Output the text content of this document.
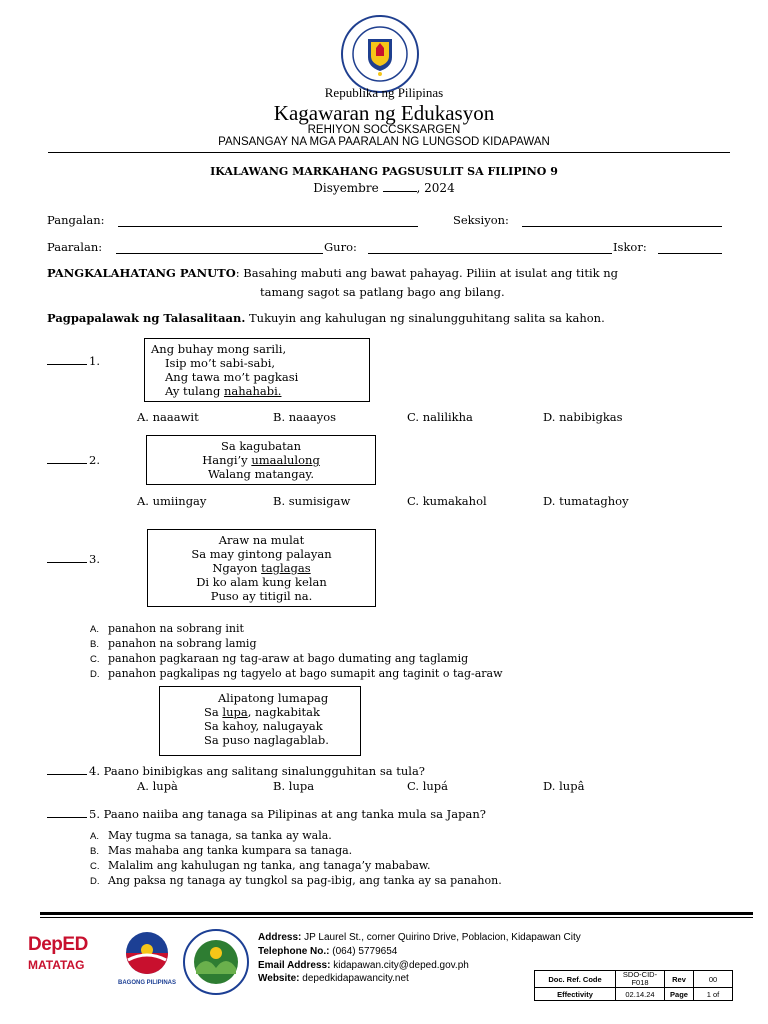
Republika ng Pilipinas
Kagawaran ng Edukasyon
REHIYON SOCCSKSARGEN
PANSANGAY NA MGA PAARALAN NG LUNGSOD KIDAPAWAN
IKALAWANG MARKAHANG PAGSUSULIT SA FILIPINO 9
Disyembre	, 2024
Pangalan:	Seksiyon:
Paaralan:	Guro:	Iskor:
PANGKALAHATANG PANUTO: Basahing mabuti ang bawat pahayag. Piliin at isulat ang titik ng
tamang sagot sa patlang bago ang bilang.
Pagpapalawak ng Talasalitaan. Tukuyin ang kahulugan ng sinalungguhitang salita sa kahon.
1.
Ang buhay mong sarili,
Isip mo’t sabi-sabi,
Ang tawa mo’t pagkasi
Ay tulang nahahabi.
A. naaawit	B. naaayos	C. nalilikha	D. nabibigkas
2.
Sa kagubatan
Hangi’y umaalulong
Walang matangay.
A. umiingay	B. sumisigaw	C. kumakahol	D. tumataghoy
3.
Araw na mulat
Sa may gintong palayan
Ngayon taglagas
Di ko alam kung kelan
Puso ay titigil na.
A. panahon na sobrang init
B. panahon na sobrang lamig
C. panahon pagkaraan ng tag-araw at bago dumating ang taglamig
D. panahon pagkalipas ng tagyelo at bago sumapit ang taginit o tag-araw
Alipatong lumapag
Sa lupa, nagkabitak
Sa kahoy, nalugayak
Sa puso naglagablab.
4. Paano binibigkas ang salitang sinalungguhitan sa tula?
A. lupà	B. lupa	C. lupá	D. lupâ
5. Paano naiiba ang tanaga sa Pilipinas at ang tanka mula sa Japan?
A. May tugma sa tanaga, sa tanka ay wala.
B. Mas mahaba ang tanka kumpara sa tanaga.
C. Malalim ang kahulugan ng tanka, ang tanaga’y mababaw.
D. Ang paksa ng tanaga ay tungkol sa pag-ibig, ang tanka ay sa panahon.
DepED
MATATAG
BAGONG PILIPINAS
Address: JP Laurel St., corner Quirino Drive, Poblacion, Kidapawan City
Telephone No.: (064) 5779654
Email Address: kidapawan.city@deped.gov.ph
Website: depedkidapawancity.net	Doc. Ref. Code	SDO-CID-F018	Rev	00
Effectivity	02.14.24	Page	1 of
